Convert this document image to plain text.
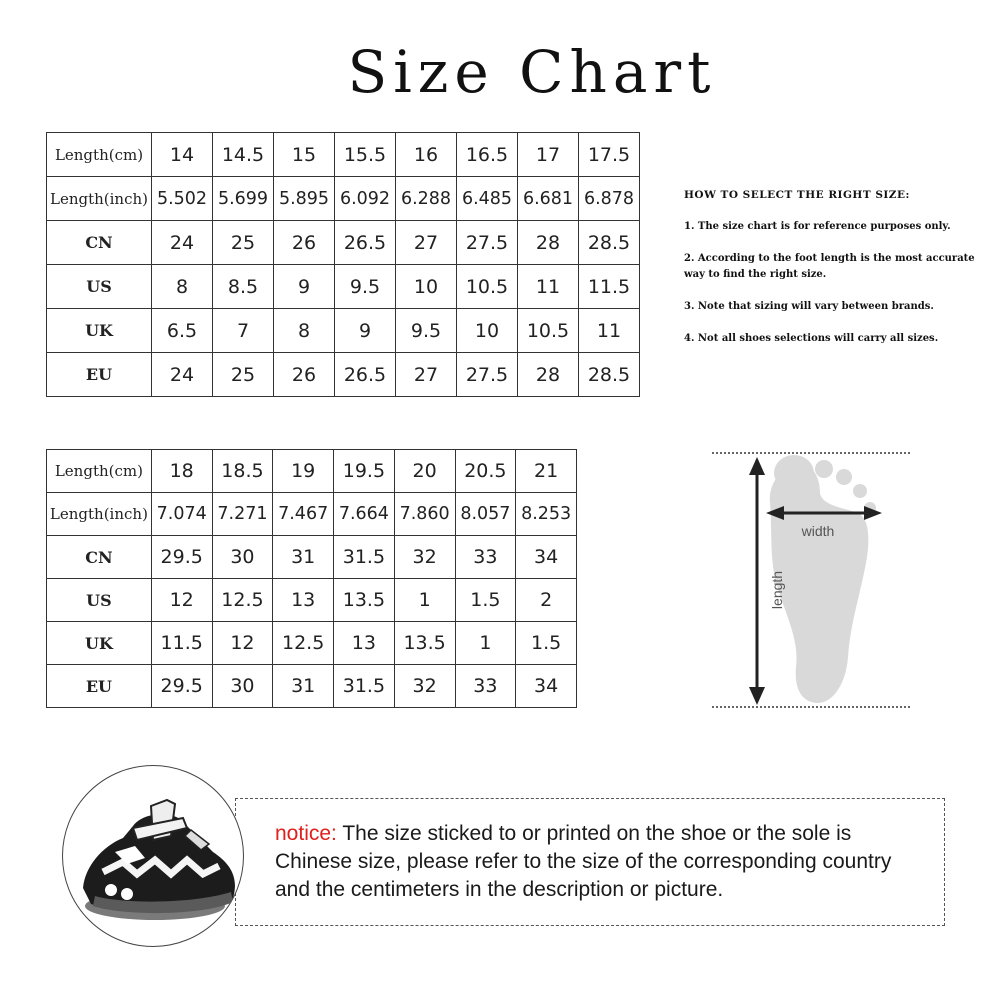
Size Chart
Length(cm)	14	14.5	15	15.5	16	16.5	17	17.5
Length(inch)	5.502	5.699	5.895	6.092	6.288	6.485	6.681	6.878
CN	24	25	26	26.5	27	27.5	28	28.5
US	8	8.5	9	9.5	10	10.5	11	11.5
UK	6.5	7	8	9	9.5	10	10.5	11
EU	24	25	26	26.5	27	27.5	28	28.5
Length(cm)	18	18.5	19	19.5	20	20.5	21
Length(inch)	7.074	7.271	7.467	7.664	7.860	8.057	8.253
CN	29.5	30	31	31.5	32	33	34
US	12	12.5	13	13.5	1	1.5	2
UK	11.5	12	12.5	13	13.5	1	1.5
EU	29.5	30	31	31.5	32	33	34
HOW TO SELECT THE RIGHT SIZE:

1. The size chart is for reference purposes only.

2. According to the foot length is the most accurate way to find the right size.

3. Note that sizing will vary between brands.

4. Not all shoes selections will carry all sizes.

width
length
notice: The size sticked to or printed on the shoe or the sole is Chinese size, please refer to the size of the corresponding country and the centimeters in the description or picture.
